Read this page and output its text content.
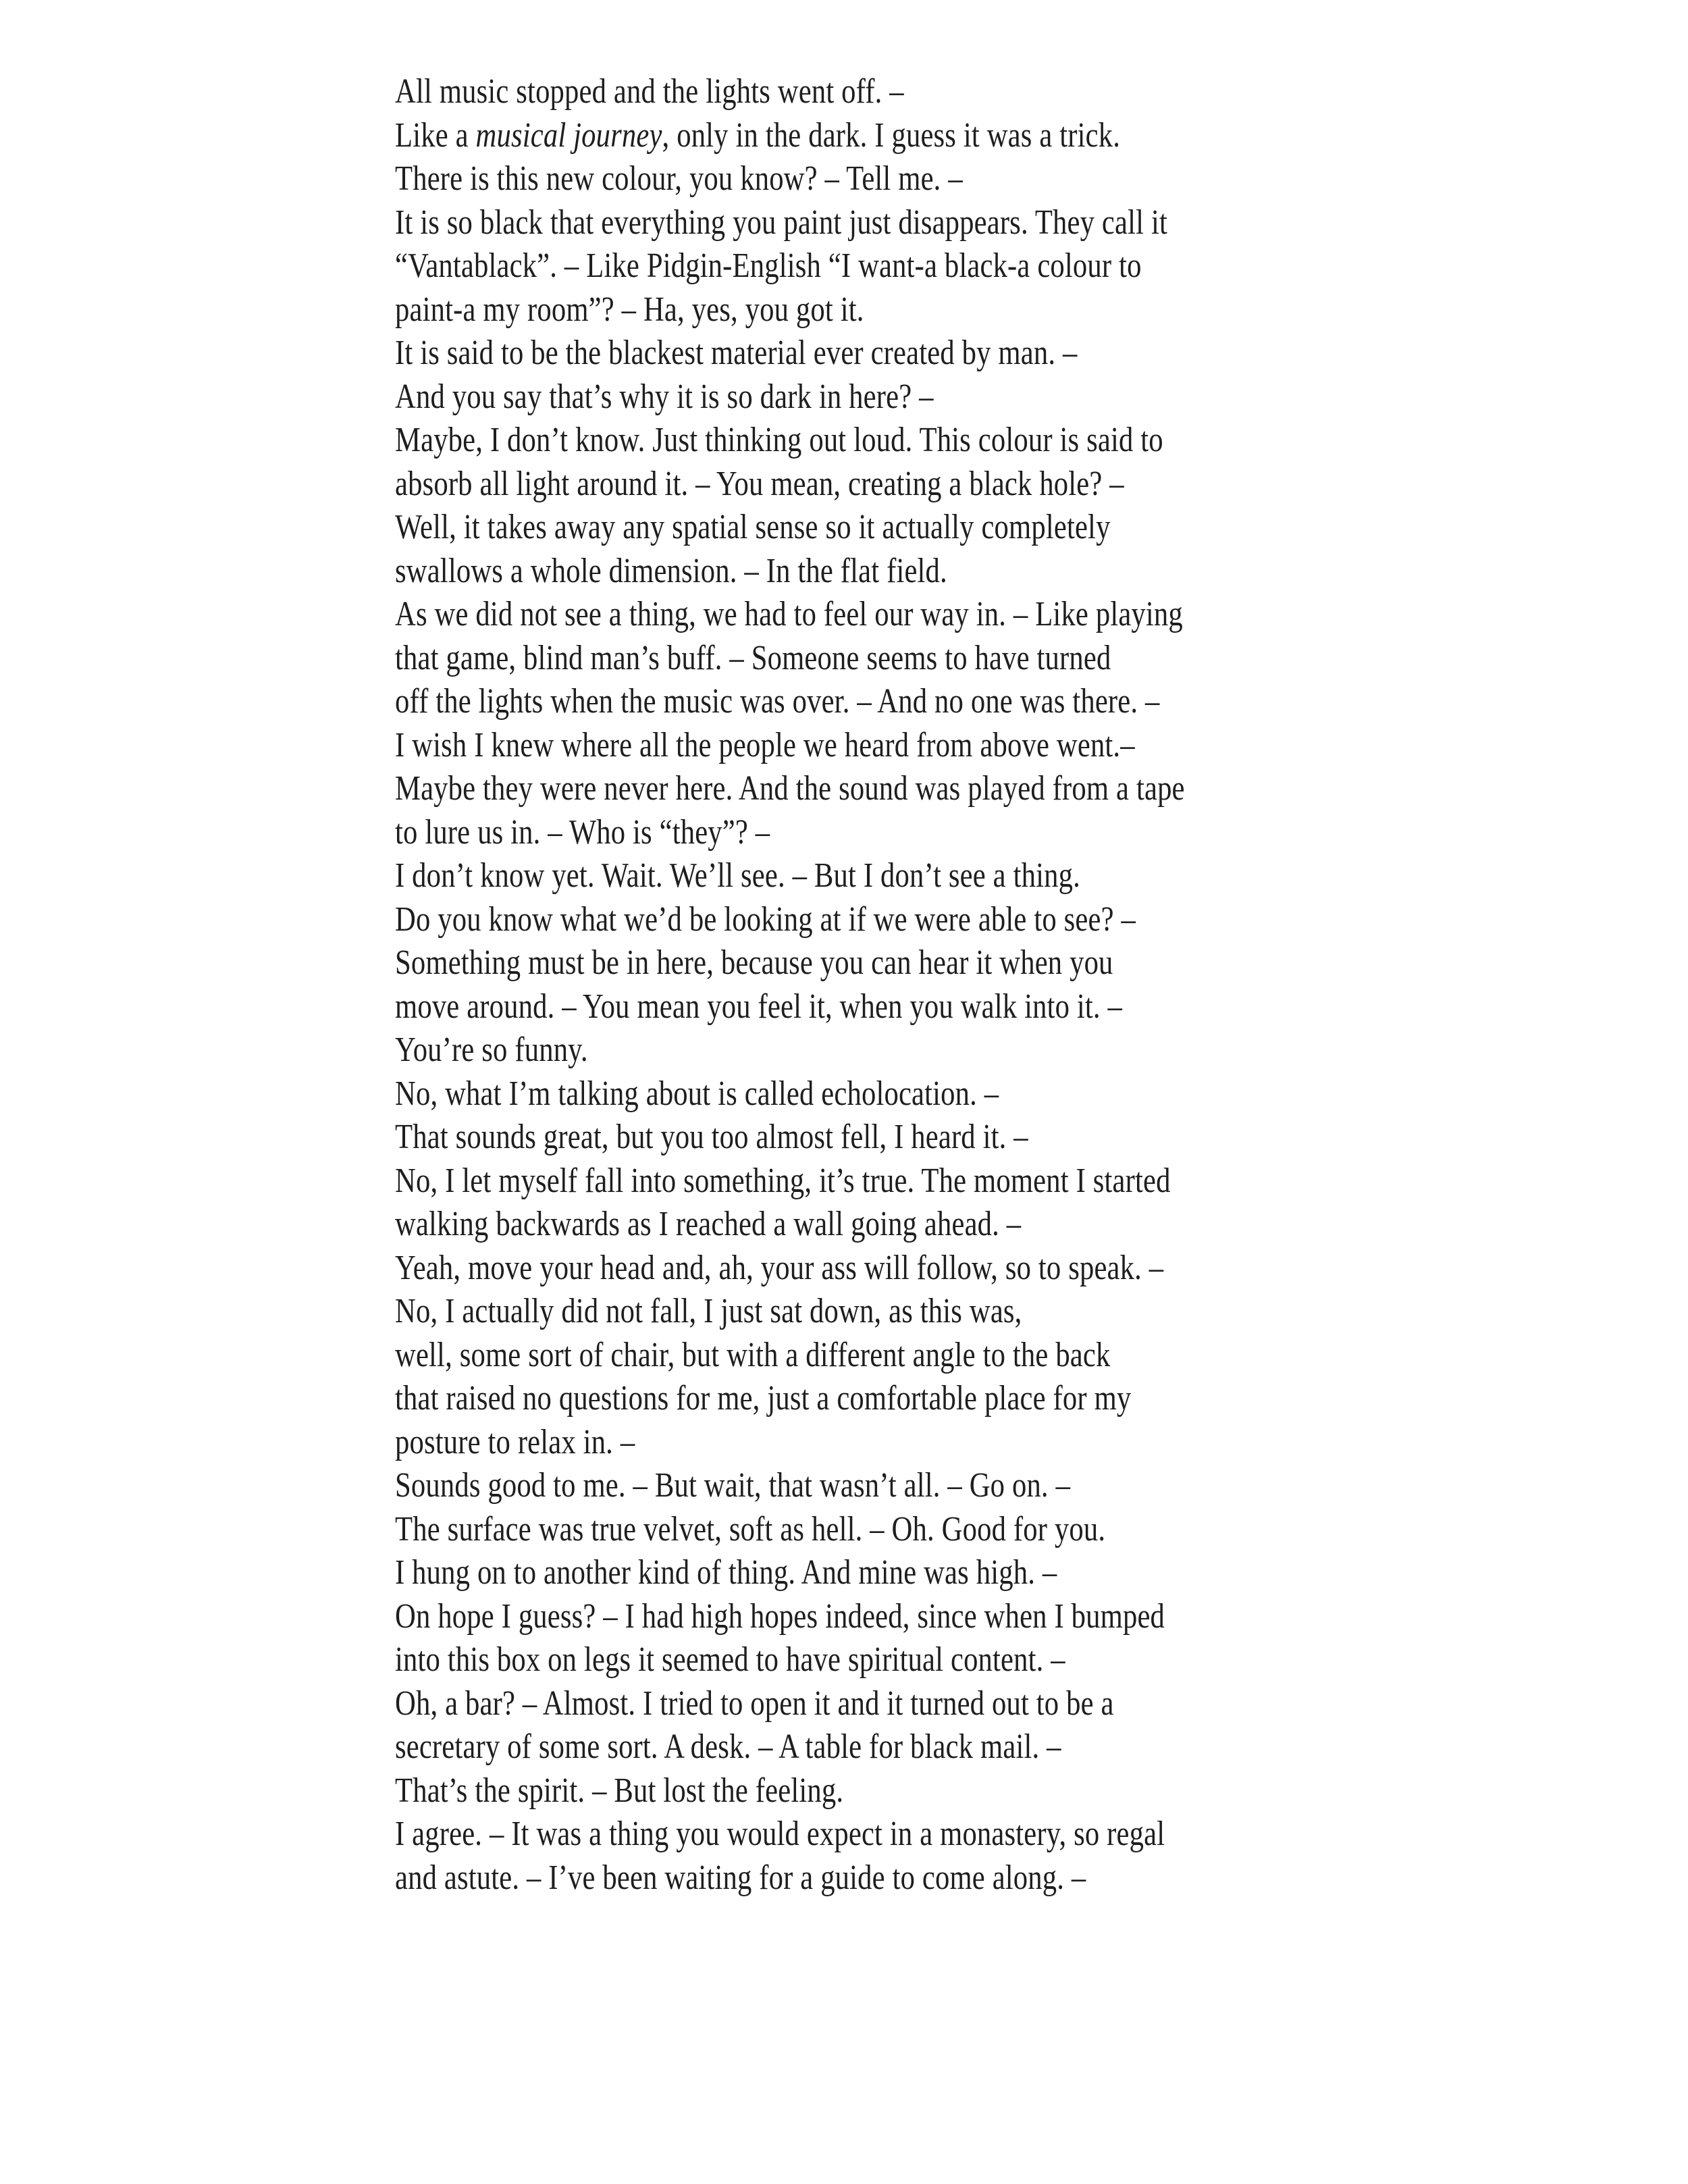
All music stopped and the lights went off. –
Like a musical journey, only in the dark. I guess it was a trick.
There is this new colour, you know? – Tell me. –
It is so black that everything you paint just disappears. They call it
“Vantablack”. – Like Pidgin-English “I want-a black-a colour to
paint-a my room”? – Ha, yes, you got it.
It is said to be the blackest material ever created by man. –
And you say that’s why it is so dark in here? –
Maybe, I don’t know. Just thinking out loud. This colour is said to
absorb all light around it. – You mean, creating a black hole? –
Well, it takes away any spatial sense so it actually completely
swallows a whole dimension. – In the flat field.
As we did not see a thing, we had to feel our way in. – Like playing
that game, blind man’s buff. – Someone seems to have turned
off the lights when the music was over. – And no one was there. –
I wish I knew where all the people we heard from above went.–
Maybe they were never here. And the sound was played from a tape
to lure us in. – Who is “they”? –
I don’t know yet. Wait. We’ll see. – But I don’t see a thing.
Do you know what we’d be looking at if we were able to see? –
Something must be in here, because you can hear it when you
move around. – You mean you feel it, when you walk into it. –
You’re so funny.
No, what I’m talking about is called echolocation. –
That sounds great, but you too almost fell, I heard it. –
No, I let myself fall into something, it’s true. The moment I started
walking backwards as I reached a wall going ahead. –
Yeah, move your head and, ah, your ass will follow, so to speak. –
No, I actually did not fall, I just sat down, as this was,
well, some sort of chair, but with a different angle to the back
that raised no questions for me, just a comfortable place for my
posture to relax in. –
Sounds good to me. – But wait, that wasn’t all. – Go on. –
The surface was true velvet, soft as hell. – Oh. Good for you.
I hung on to another kind of thing. And mine was high. –
On hope I guess? – I had high hopes indeed, since when I bumped
into this box on legs it seemed to have spiritual content. –
Oh, a bar? – Almost. I tried to open it and it turned out to be a
secretary of some sort. A desk. – A table for black mail. –
That’s the spirit. – But lost the feeling.
I agree. – It was a thing you would expect in a monastery, so regal
and astute. – I’ve been waiting for a guide to come along. –
